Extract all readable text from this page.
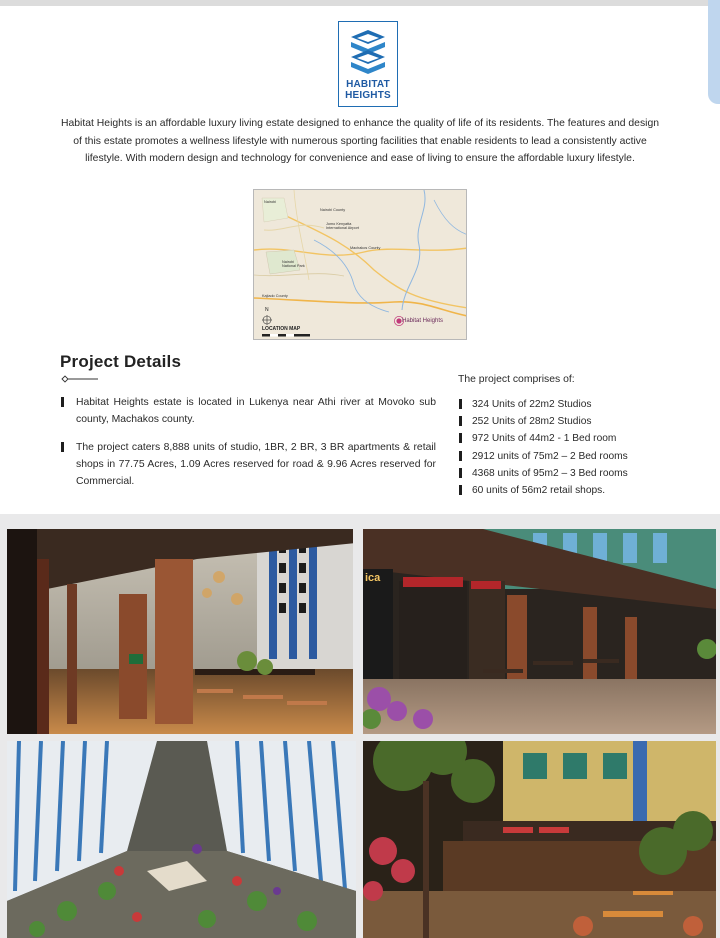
HABITAT
HEIGHTS

Habitat Heights is an affordable luxury living estate designed to enhance the quality of life of its residents. The features and design of this estate promotes a wellness lifestyle with numerous sporting facilities that enable residents to lead a consistently active lifestyle. With modern design and technology for convenience and ease of living to ensure the affordable luxury lifestyle.

Nairobi
Nairobi County
Jomo Kenyatta International Airport
Machakos County
Nairobi National Park
Kajiado County
N
Habitat Heights
LOCATION MAP
Project Details
Habitat Heights estate is located in Lukenya near Athi river at Movoko sub county, Machakos county.
The project caters 8,888 units of studio, 1BR, 2 BR, 3 BR apartments & retail shops in 77.75 Acres, 1.09 Acres reserved for road & 9.96 Acres reserved for Commercial.
The project comprises of:
324 Units of 22m2 Studios
252 Units of 28m2 Studios
972 Units of 44m2 - 1 Bed room
2912 units of 75m2 – 2 Bed rooms
4368 units of 95m2 – 3 Bed rooms
60 units of 56m2 retail shops.
ica
